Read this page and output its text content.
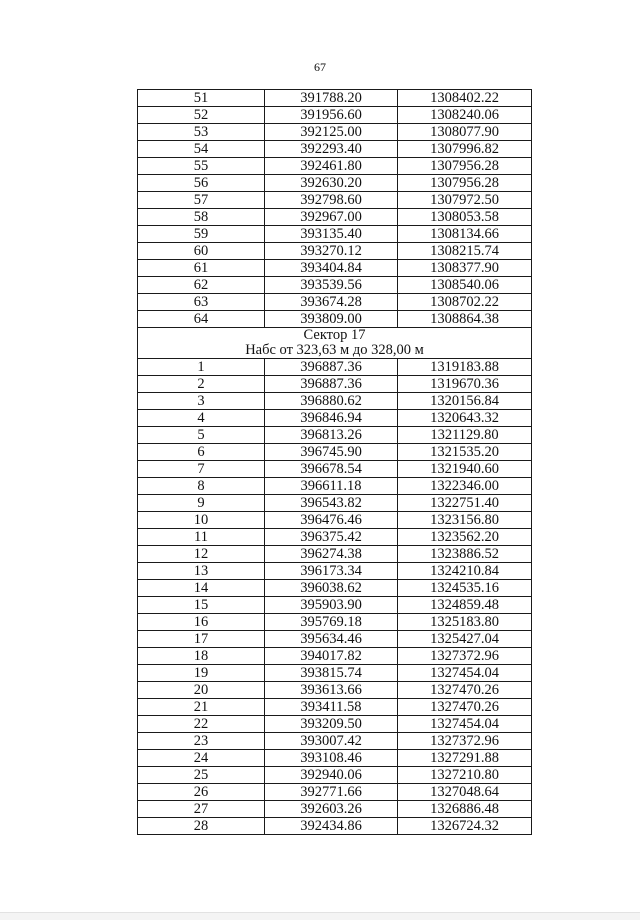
67
51	391788.20	1308402.22
52	391956.60	1308240.06
53	392125.00	1308077.90
54	392293.40	1307996.82
55	392461.80	1307956.28
56	392630.20	1307956.28
57	392798.60	1307972.50
58	392967.00	1308053.58
59	393135.40	1308134.66
60	393270.12	1308215.74
61	393404.84	1308377.90
62	393539.56	1308540.06
63	393674.28	1308702.22
64	393809.00	1308864.38

Сектор 17
Набс от 323,63 м до 328,00 м		

1	396887.36	1319183.88
2	396887.36	1319670.36
3	396880.62	1320156.84
4	396846.94	1320643.32
5	396813.26	1321129.80
6	396745.90	1321535.20
7	396678.54	1321940.60
8	396611.18	1322346.00
9	396543.82	1322751.40
10	396476.46	1323156.80
11	396375.42	1323562.20
12	396274.38	1323886.52
13	396173.34	1324210.84
14	396038.62	1324535.16
15	395903.90	1324859.48
16	395769.18	1325183.80
17	395634.46	1325427.04
18	394017.82	1327372.96
19	393815.74	1327454.04
20	393613.66	1327470.26
21	393411.58	1327470.26
22	393209.50	1327454.04
23	393007.42	1327372.96
24	393108.46	1327291.88
25	392940.06	1327210.80
26	392771.66	1327048.64
27	392603.26	1326886.48
28	392434.86	1326724.32
